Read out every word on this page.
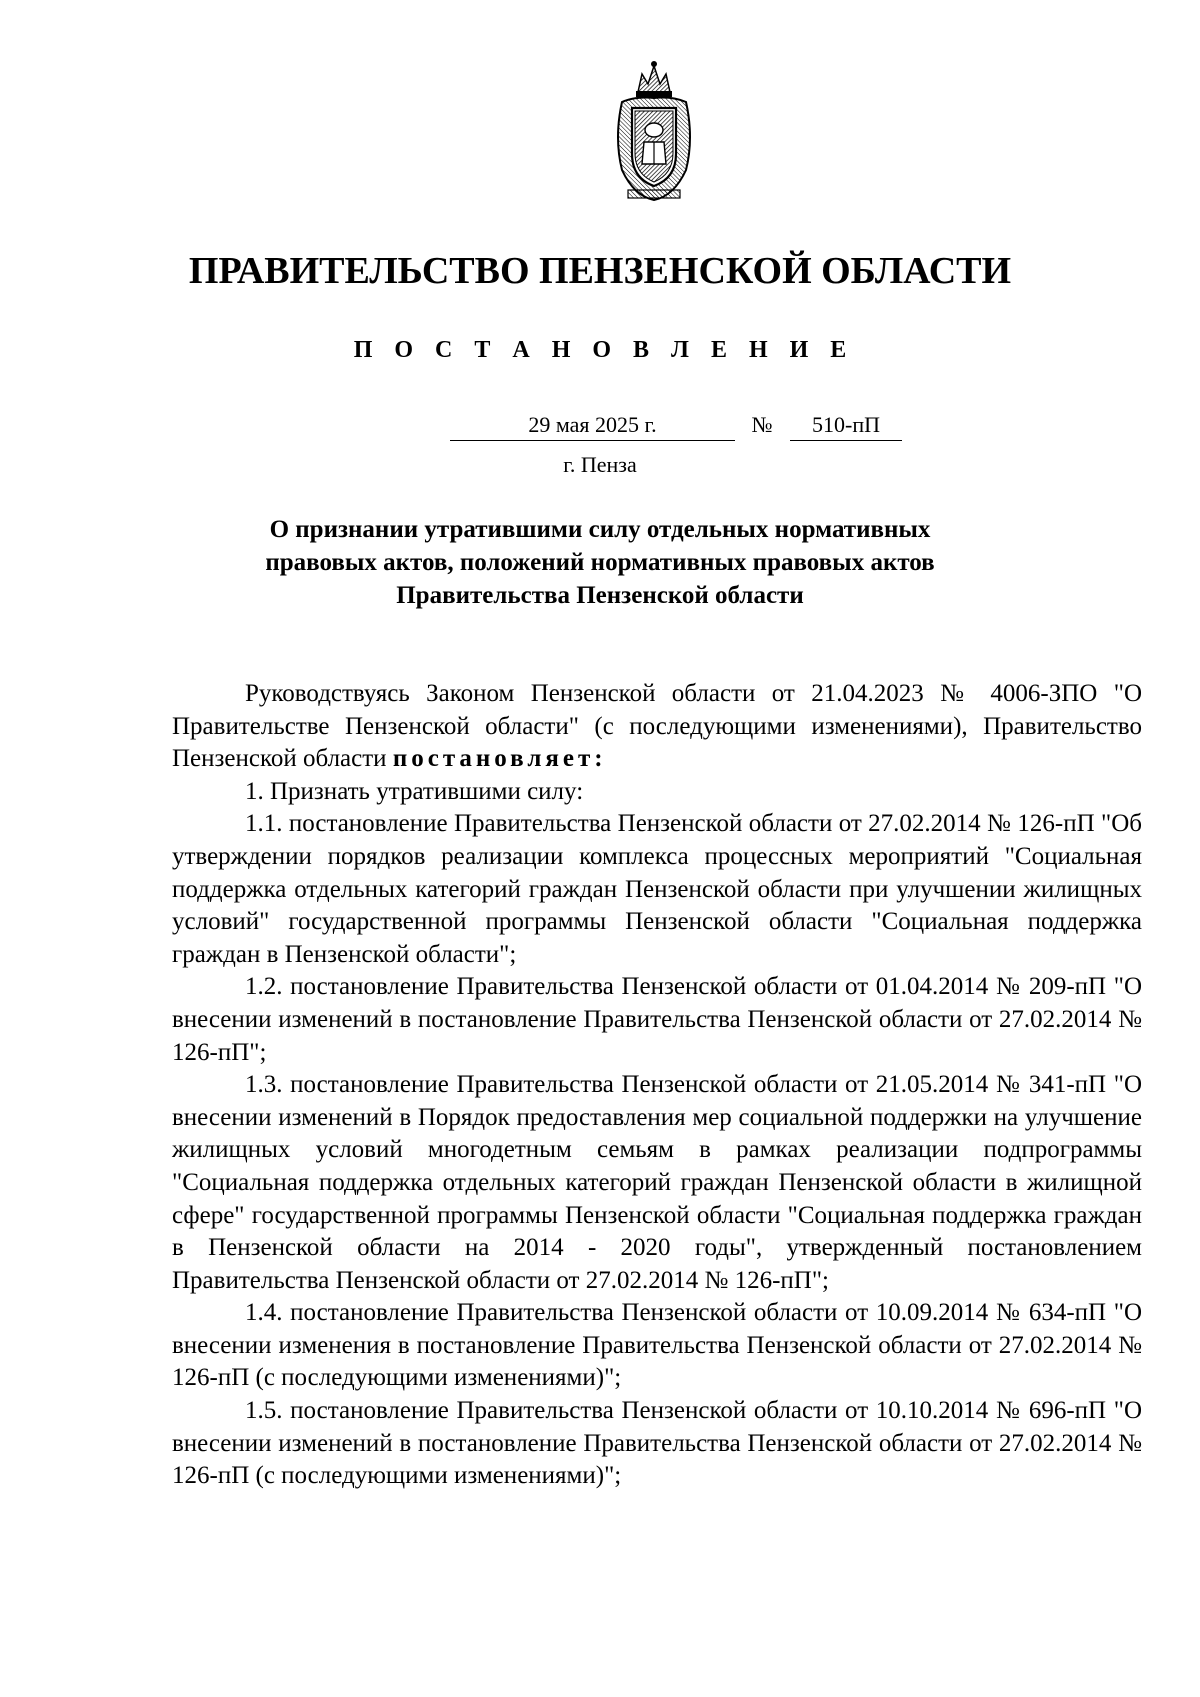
ПРАВИТЕЛЬСТВО ПЕНЗЕНСКОЙ ОБЛАСТИ
П О С Т А Н О В Л Е Н И Е
29 мая 2025 г.	№	510-пП
г. Пенза
О признании утратившими силу отдельных нормативных
правовых актов, положений нормативных правовых актов
Правительства Пензенской области

Руководствуясь Законом Пензенской области от 21.04.2023 № 4006-ЗПО "О Правительстве Пензенской области" (с последующими изменениями), Правительство Пензенской области постановляет:

1. Признать утратившими силу:

1.1. постановление Правительства Пензенской области от 27.02.2014 № 126-пП "Об утверждении порядков реализации комплекса процессных мероприятий "Социальная поддержка отдельных категорий граждан Пензенской области при улучшении жилищных условий" государственной программы Пензенской области "Социальная поддержка граждан в Пензенской области";

1.2. постановление Правительства Пензенской области от 01.04.2014 № 209-пП "О внесении изменений в постановление Правительства Пензенской области от 27.02.2014 № 126-пП";

1.3. постановление Правительства Пензенской области от 21.05.2014 № 341-пП "О внесении изменений в Порядок предоставления мер социальной поддержки на улучшение жилищных условий многодетным семьям в рамках реализации подпрограммы "Социальная поддержка отдельных категорий граждан Пензенской области в жилищной сфере" государственной программы Пензенской области "Социальная поддержка граждан в Пензенской области на 2014 - 2020 годы", утвержденный постановлением Правительства Пензенской области от 27.02.2014 № 126-пП";

1.4. постановление Правительства Пензенской области от 10.09.2014 № 634-пП "О внесении изменения в постановление Правительства Пензенской области от 27.02.2014 № 126-пП (с последующими изменениями)";

1.5. постановление Правительства Пензенской области от 10.10.2014 № 696-пП "О внесении изменений в постановление Правительства Пензенской области от 27.02.2014 № 126-пП (с последующими изменениями)";
